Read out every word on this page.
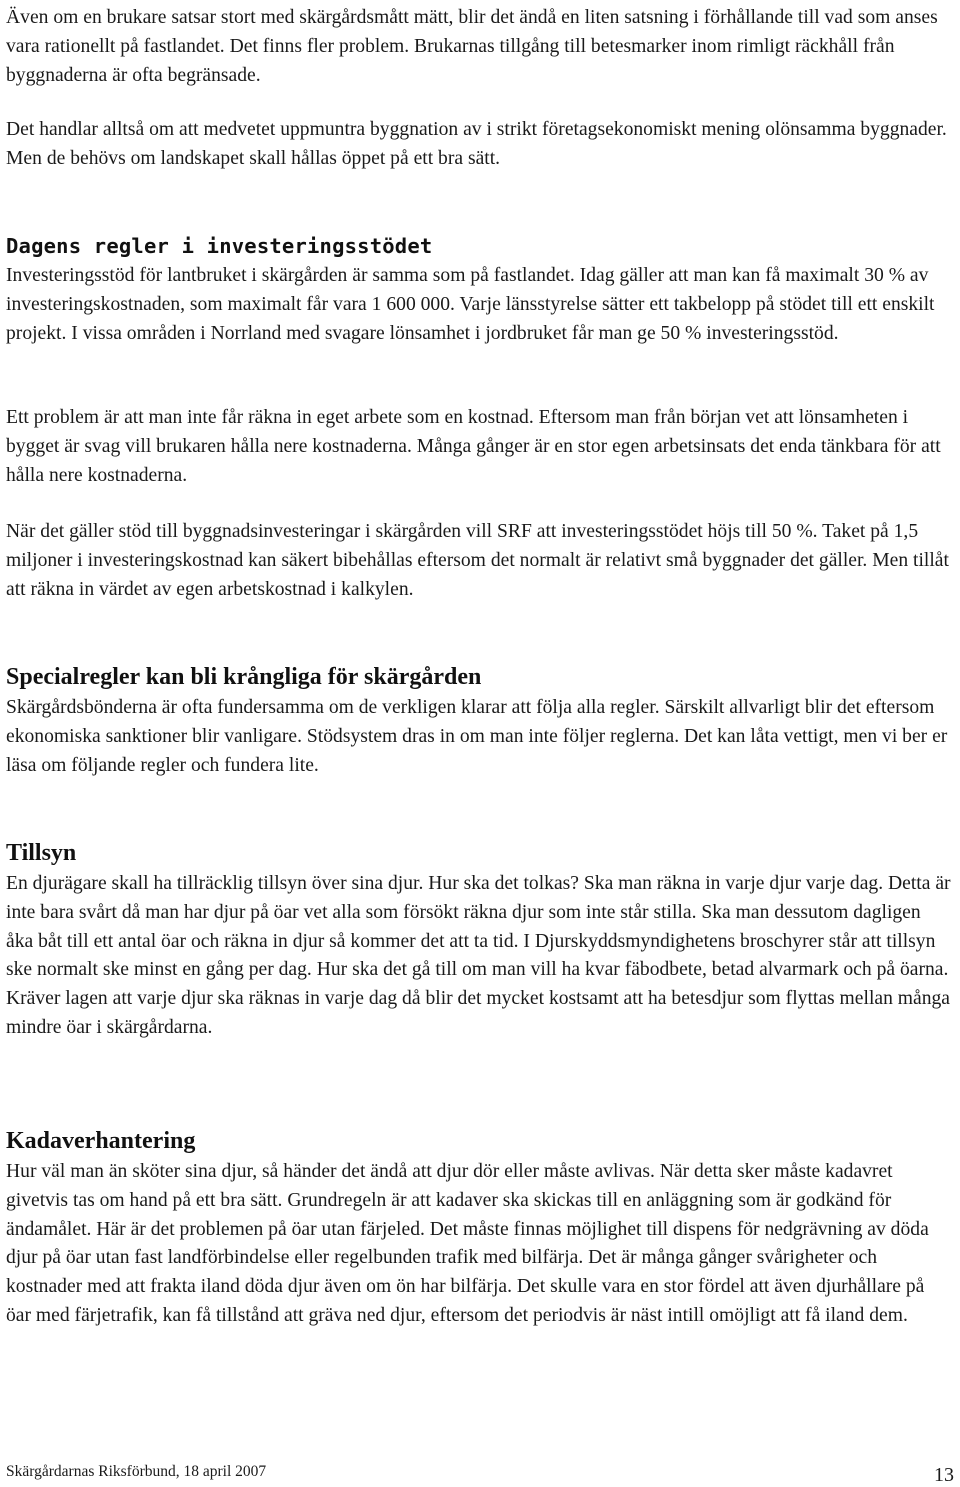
Även om en brukare satsar stort med skärgårdsmått mätt, blir det ändå en liten satsning i förhållande till vad som anses vara rationellt på fastlandet. Det finns fler problem. Brukarnas tillgång till betesmarker inom rimligt räckhåll från byggnaderna är ofta begränsade.

Det handlar alltså om att medvetet uppmuntra byggnation av i strikt företagsekonomiskt mening olönsamma byggnader. Men de behövs om landskapet skall hållas öppet på ett bra sätt.

Dagens regler i investeringsstödet

Investeringsstöd för lantbruket i skärgården är samma som på fastlandet. Idag gäller att man kan få maximalt 30 % av investeringskostnaden, som maximalt får vara 1 600 000. Varje länsstyrelse sätter ett takbelopp på stödet till ett enskilt projekt. I vissa områden i Norrland med svagare lönsamhet i jordbruket får man ge 50 % investeringsstöd.

Ett problem är att man inte får räkna in eget arbete som en kostnad. Eftersom man från början vet att lönsamheten i bygget är svag vill brukaren hålla nere kostnaderna. Många gånger är en stor egen arbetsinsats det enda tänkbara för att hålla nere kostnaderna.

När det gäller stöd till byggnadsinvesteringar i skärgården vill SRF att investeringsstödet höjs till 50 %. Taket på 1,5 miljoner i investeringskostnad kan säkert bibehållas eftersom det normalt är relativt små byggnader det gäller. Men tillåt att räkna in värdet av egen arbetskostnad i kalkylen.

Specialregler kan bli krångliga för skärgården

Skärgårdsbönderna är ofta fundersamma om de verkligen klarar att följa alla regler. Särskilt allvarligt blir det eftersom ekonomiska sanktioner blir vanligare. Stödsystem dras in om man inte följer reglerna. Det kan låta vettigt, men vi ber er läsa om följande regler och fundera lite.

Tillsyn

En djurägare skall ha tillräcklig tillsyn över sina djur. Hur ska det tolkas? Ska man räkna in varje djur varje dag. Detta är inte bara svårt då man har djur på öar vet alla som försökt räkna djur som inte står stilla. Ska man dessutom dagligen åka båt till ett antal öar och räkna in djur så kommer det att ta tid. I Djurskyddsmyndighetens broschyrer står att tillsyn ske normalt ske minst en gång per dag. Hur ska det gå till om man vill ha kvar fäbodbete, betad alvarmark och på öarna. Kräver lagen att varje djur ska räknas in varje dag då blir det mycket kostsamt att ha betesdjur som flyttas mellan många mindre öar i skärgårdarna.

Kadaverhantering

Hur väl man än sköter sina djur, så händer det ändå att djur dör eller måste avlivas. När detta sker måste kadavret givetvis tas om hand på ett bra sätt. Grundregeln är att kadaver ska skickas till en anläggning som är godkänd för ändamålet. Här är det problemen på öar utan färjeled. Det måste finnas möjlighet till dispens för nedgrävning av döda djur på öar utan fast landförbindelse eller regelbunden trafik med bilfärja. Det är många gånger svårigheter och kostnader med att frakta iland döda djur även om ön har bilfärja. Det skulle vara en stor fördel att även djurhållare på öar med färjetrafik, kan få tillstånd att gräva ned djur, eftersom det periodvis är näst intill omöjligt att få iland dem.

Skärgårdarnas Riksförbund, 18 april 2007	13
